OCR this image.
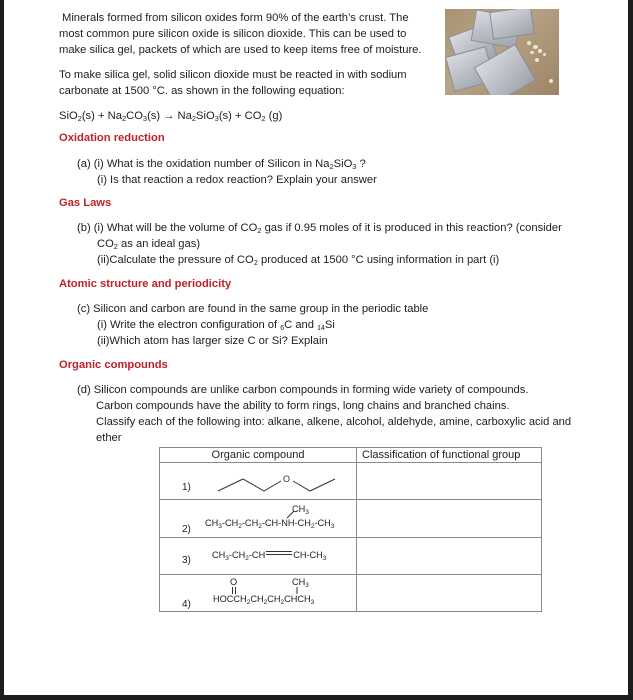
Minerals formed from silicon oxides form 90% of the earth’s crust. The
most common pure silicon oxide is silicon dioxide. This can be used to
make silica gel, packets of which are used to keep items free of moisture.
To make silica gel, solid silicon dioxide must be reacted in with sodium
carbonate at 1500 °C. as shown in the following equation:
$SiO_2(s) + Na_2CO_3(s) \to Na_2SiO_3(s) + CO_2$ (g)
Oxidation reduction
(a) (i) What is the oxidation number of Silicon in $Na_2SiO_3$ ?
(i) Is that reaction a redox reaction? Explain your answer
Gas Laws
(b) (i) What will be the volume of $CO_2$ gas if 0.95 moles of it is produced in this reaction? (consider
$CO_2$ as an ideal gas)
(ii)Calculate the pressure of $CO_2$ produced at 1500 °C using information in part (i)
Atomic structure and periodicity
(c) Silicon and carbon are found in the same group in the periodic table
(i) Write the electron configuration of 6C and 14Si
(ii)Which atom has larger size C or Si? Explain
Organic compounds
(d) Silicon compounds are unlike carbon compounds in forming wide variety of compounds.
Carbon compounds have the ability to form rings, long chains and branched chains.
Classify each of the following into: alkane, alkene, alcohol, aldehyde, amine, carboxylic acid and
ether
Organic compound	Classification of functional group

1)
O	

2)
$CH_3$
$CH_3-CH_2-CH_2-CH-NH-CH_2-CH_3$

3) $CH_3-CH_2-CH$ $CH-CH_3$

4)
O $CH_3$
$HOCCH_2CH_2CH_2CHCH_3$
